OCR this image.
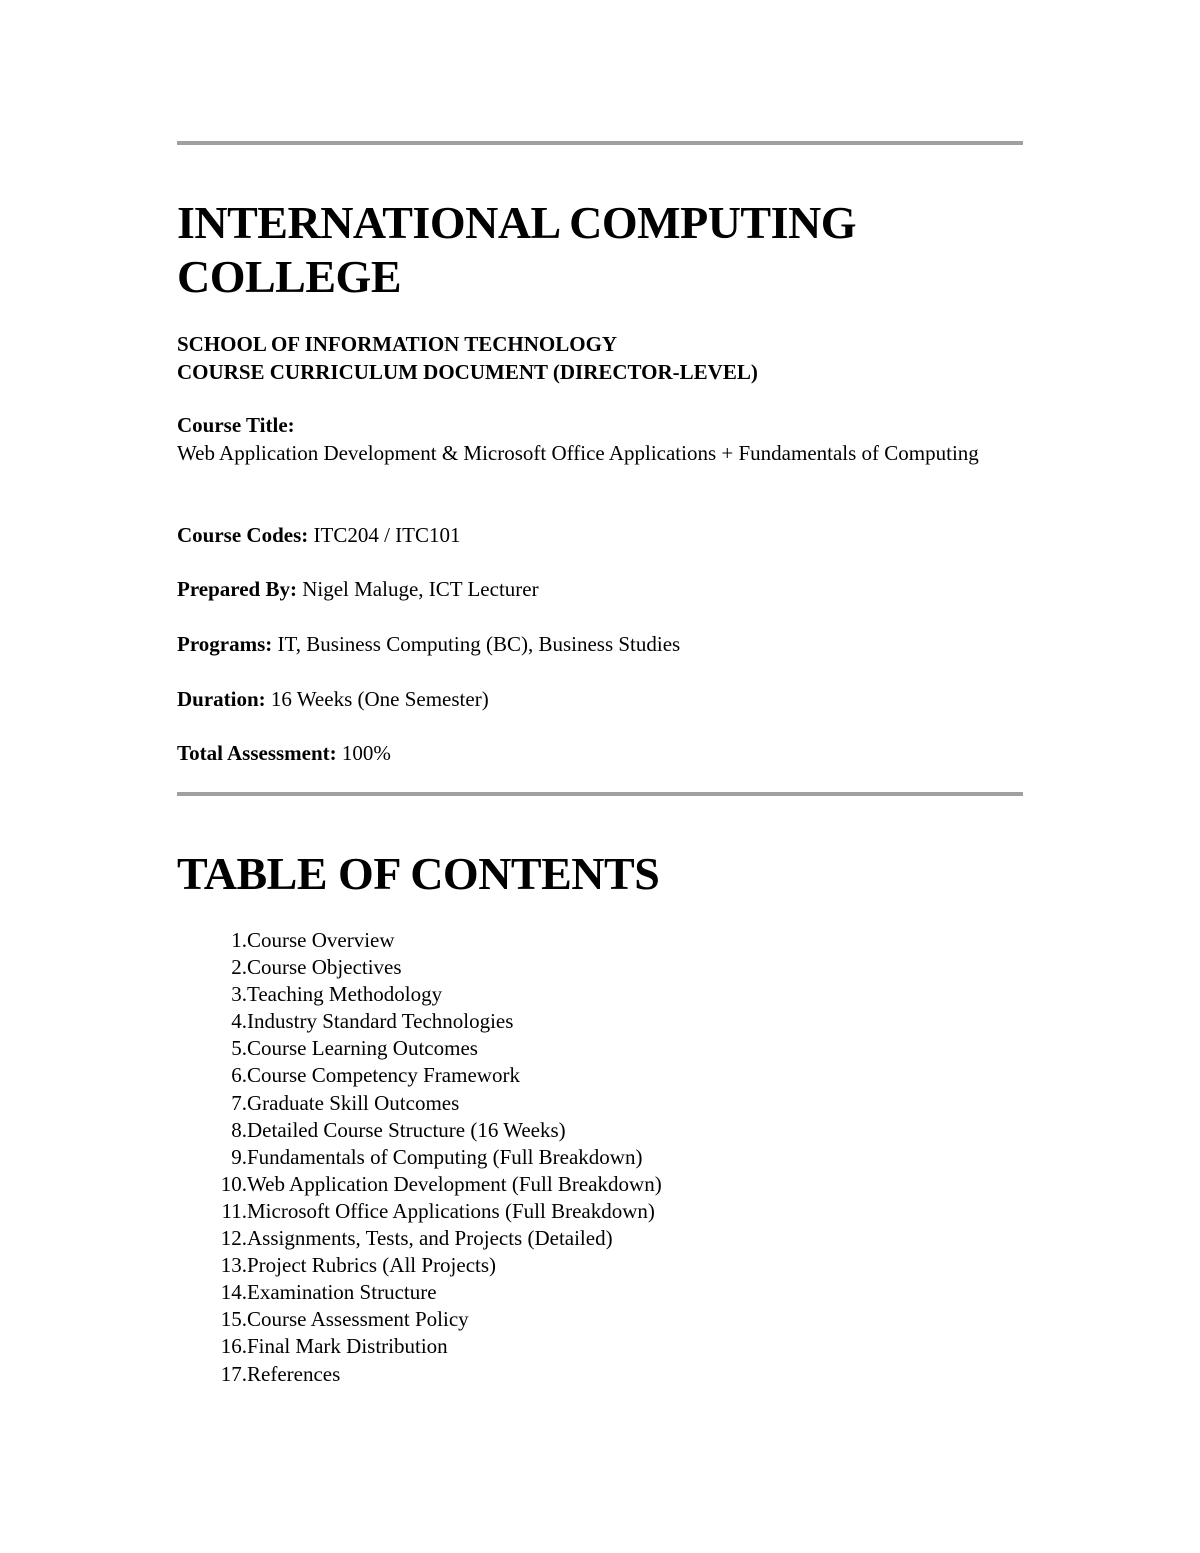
INTERNATIONAL COMPUTING COLLEGE
SCHOOL OF INFORMATION TECHNOLOGY
COURSE CURRICULUM DOCUMENT (DIRECTOR-LEVEL)

Course Title:

Web Application Development & Microsoft Office Applications + Fundamentals of Computing

Course Codes: ITC204 / ITC101

Prepared By: Nigel Maluge, ICT Lecturer

Programs: IT, Business Computing (BC), Business Studies

Duration: 16 Weeks (One Semester)

Total Assessment: 100%

TABLE OF CONTENTS
1. Course Overview
2. Course Objectives
3. Teaching Methodology
4. Industry Standard Technologies
5. Course Learning Outcomes
6. Course Competency Framework
7. Graduate Skill Outcomes
8. Detailed Course Structure (16 Weeks)
9. Fundamentals of Computing (Full Breakdown)
10. Web Application Development (Full Breakdown)
11. Microsoft Office Applications (Full Breakdown)
12. Assignments, Tests, and Projects (Detailed)
13. Project Rubrics (All Projects)
14. Examination Structure
15. Course Assessment Policy
16. Final Mark Distribution
17. References
